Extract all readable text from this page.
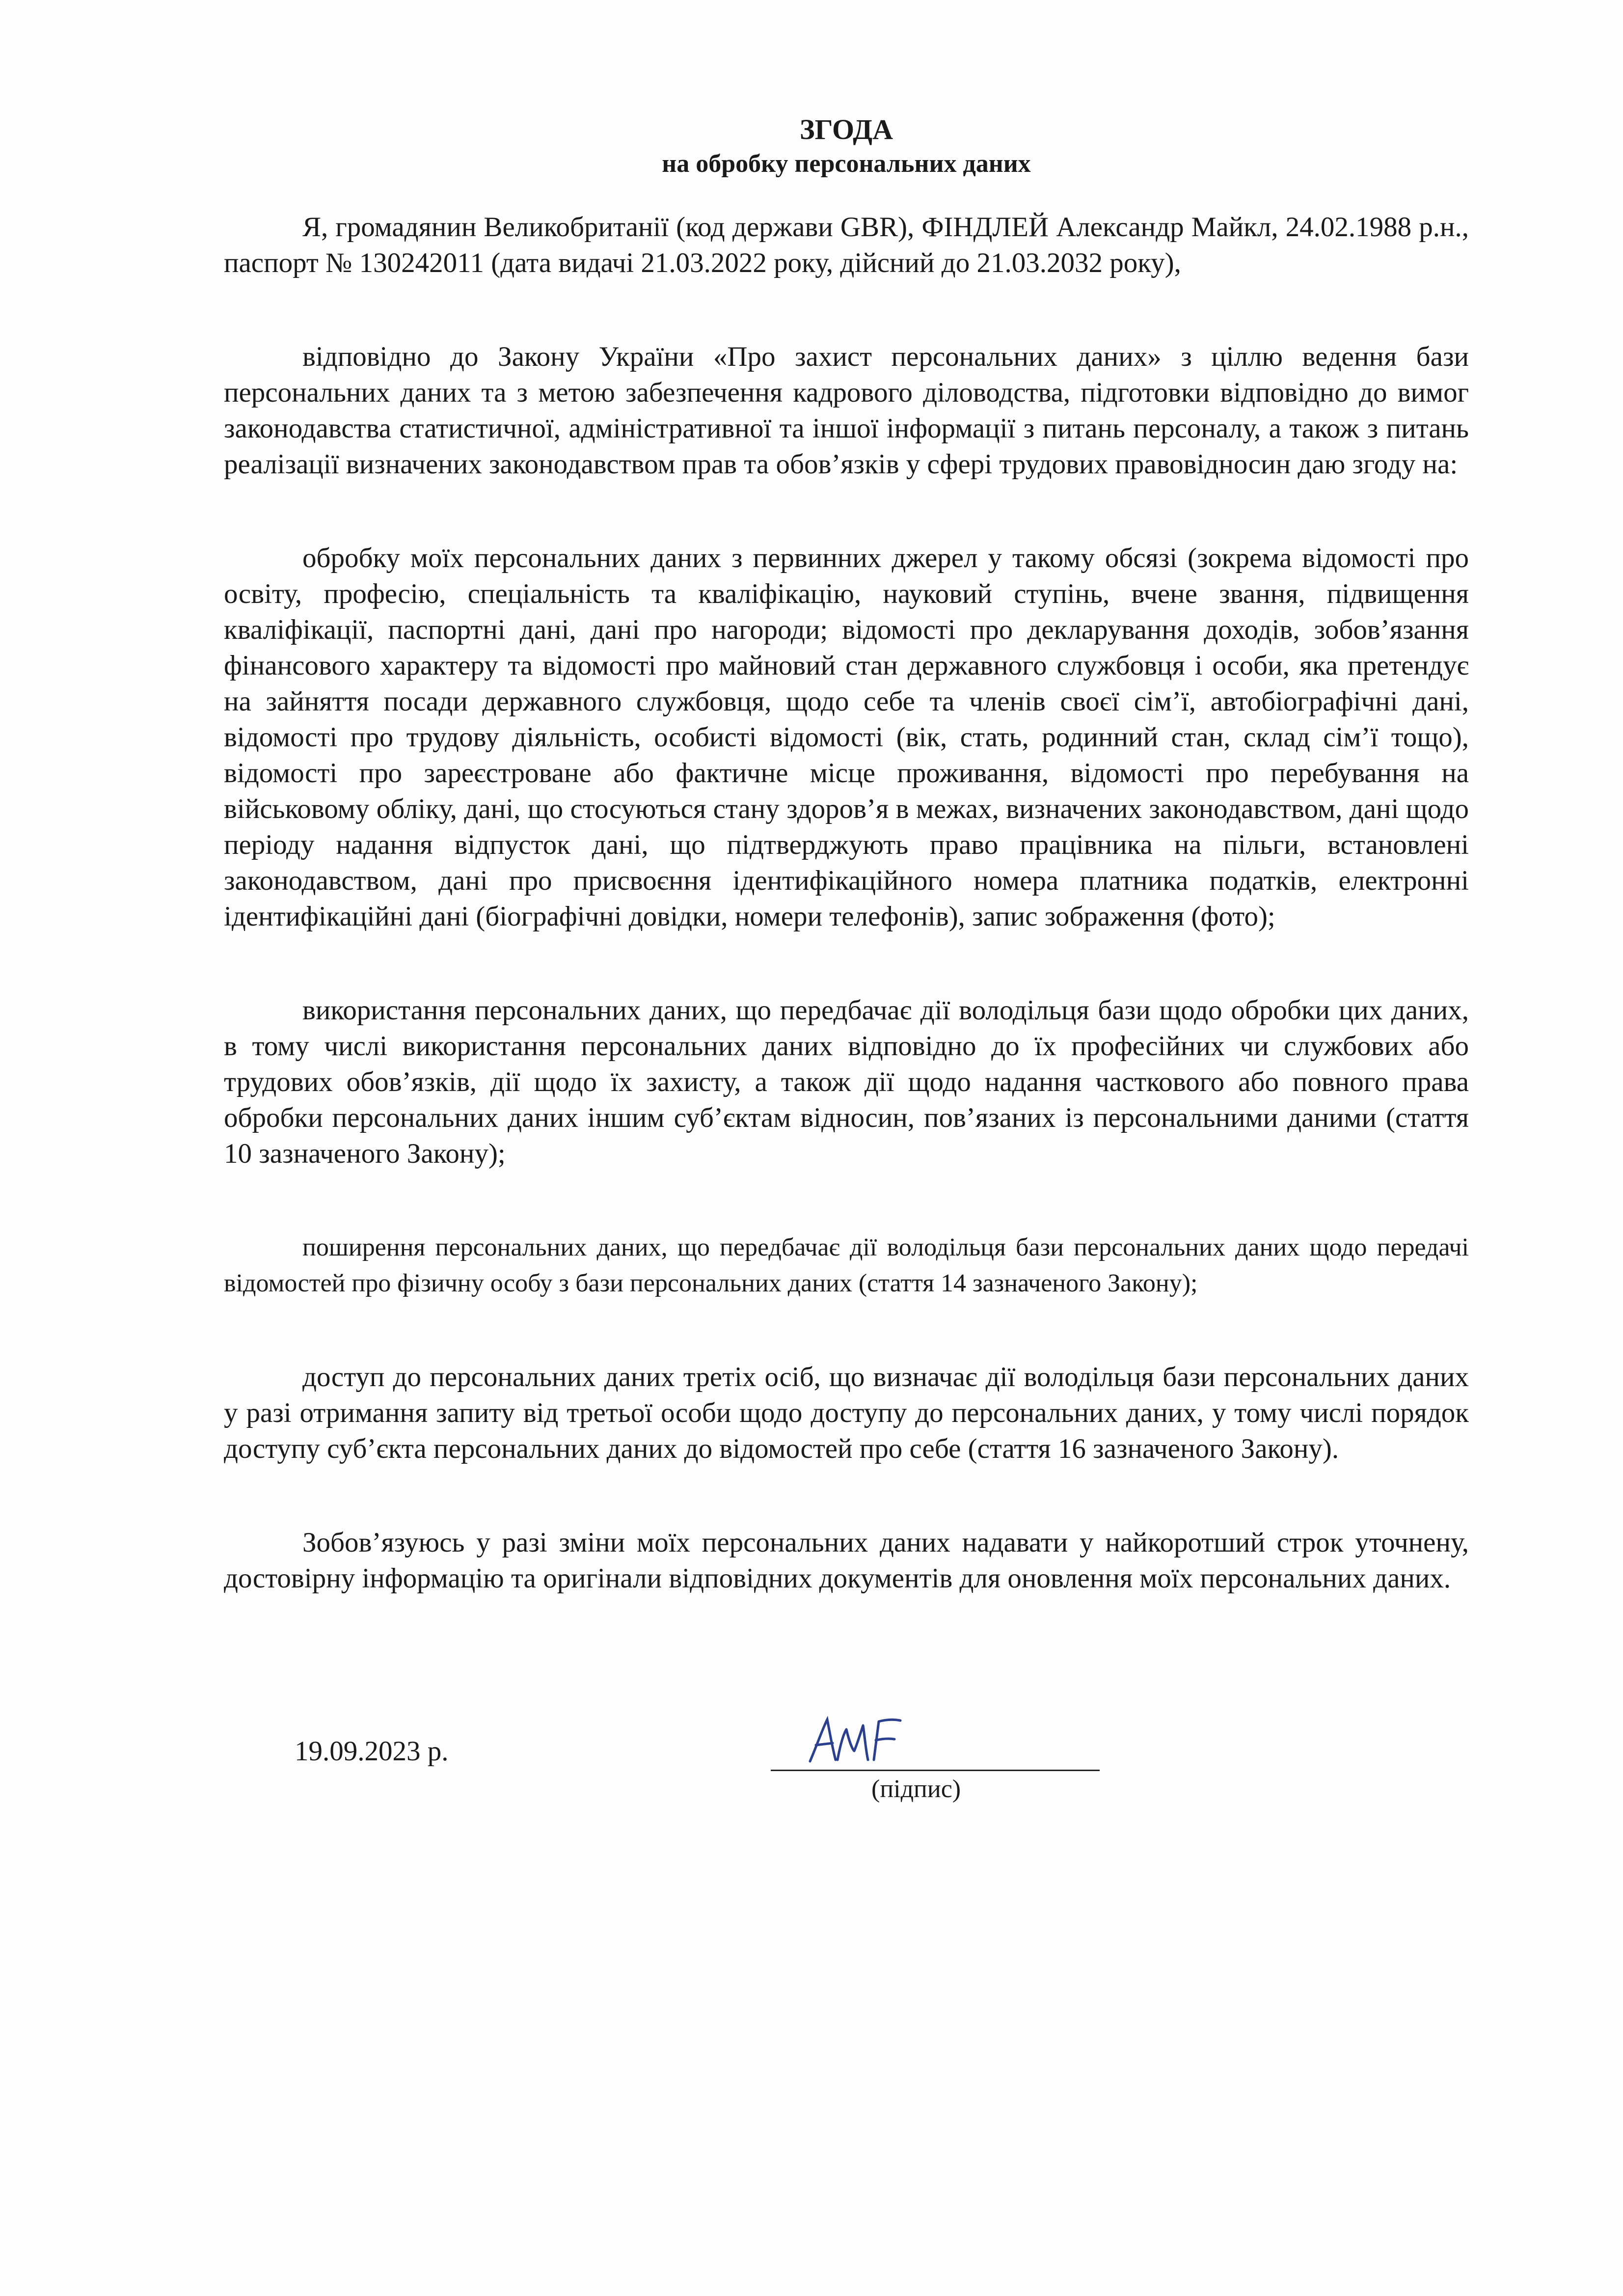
ЗГОДА
на обробку персональних даних

Я, громадянин Великобританії (код держави GBR), ФІНДЛЕЙ Александр Майкл, 24.02.1988 р.н., паспорт № 130242011 (дата видачі 21.03.2022 року, дійсний до 21.03.2032 року),

відповідно до Закону України «Про захист персональних даних» з ціллю ведення бази персональних даних та з метою забезпечення кадрового діловодства, підготовки відповідно до вимог законодавства статистичної, адміністративної та іншої інформації з питань персоналу, а також з питань реалізації визначених законодавством прав та обов’язків у сфері трудових правовідносин даю згоду на:

обробку моїх персональних даних з первинних джерел у такому обсязі (зокрема відомості про освіту, професію, спеціальність та кваліфікацію, науковий ступінь, вчене звання, підвищення кваліфікації, паспортні дані, дані про нагороди; відомості про декларування доходів, зобов’язання фінансового характеру та відомості про майновий стан державного службовця і особи, яка претендує на зайняття посади державного службовця, щодо себе та членів своєї сім’ї, автобіографічні дані, відомості про трудову діяльність, особисті відомості (вік, стать, родинний стан, склад сім’ї тощо), відомості про зареєстроване або фактичне місце проживання, відомості про перебування на військовому обліку, дані, що стосуються стану здоров’я в межах, визначених законодавством, дані щодо періоду надання відпусток дані, що підтверджують право працівника на пільги, встановлені законодавством, дані про присвоєння ідентифікаційного номера платника податків, електронні ідентифікаційні дані (біографічні довідки, номери телефонів), запис зображення (фото);

використання персональних даних, що передбачає дії володільця бази щодо обробки цих даних, в тому числі використання персональних даних відповідно до їх професійних чи службових або трудових обов’язків, дії щодо їх захисту, а також дії щодо надання часткового або повного права обробки персональних даних іншим суб’єктам відносин, пов’язаних із персональними даними (стаття 10 зазначеного Закону);

поширення персональних даних, що передбачає дії володільця бази персональних даних щодо передачі відомостей про фізичну особу з бази персональних даних (стаття 14 зазначеного Закону);

доступ до персональних даних третіх осіб, що визначає дії володільця бази персональних даних у разі отримання запиту від третьої особи щодо доступу до персональних даних, у тому числі порядок доступу суб’єкта персональних даних до відомостей про себе (стаття 16 зазначеного Закону).

Зобов’язуюсь у разі зміни моїх персональних даних надавати у найкоротший строк уточнену, достовірну інформацію та оригінали відповідних документів для оновлення моїх персональних даних.

19.09.2023 р.
(підпис)
